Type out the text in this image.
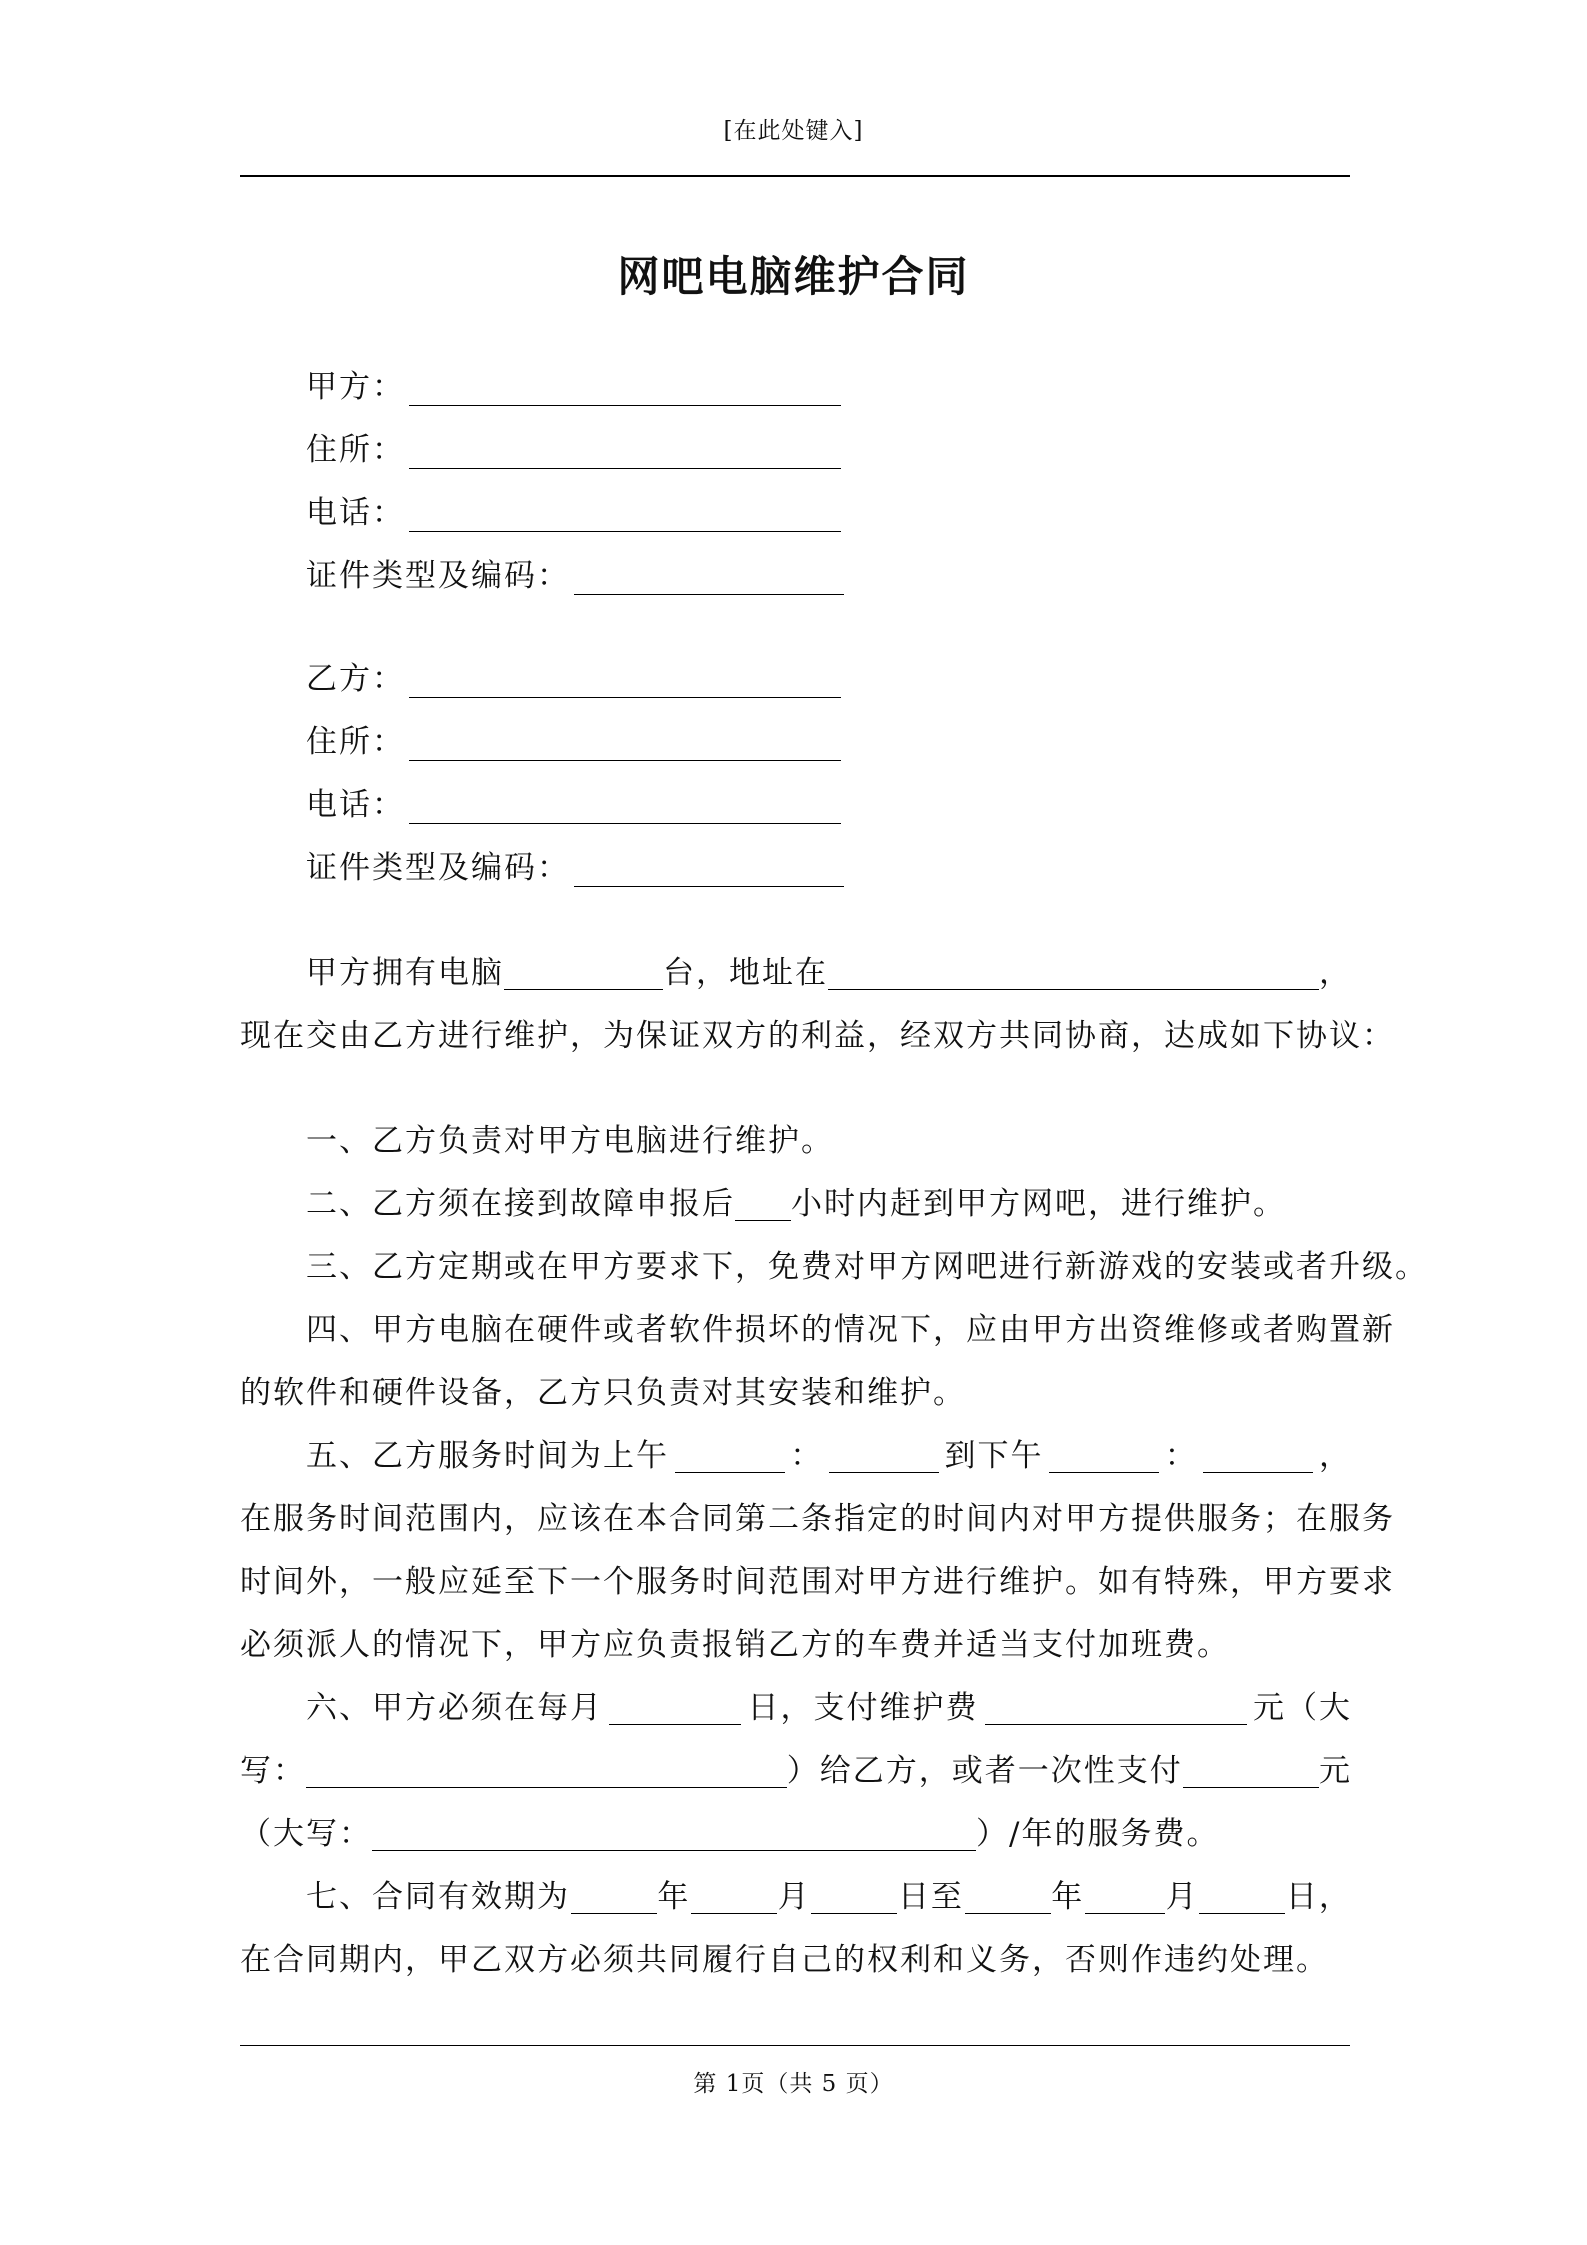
[在此处键入]
网吧电脑维护合同
甲方：
住所：
电话：
证件类型及编码：
乙方：
住所：
电话：
证件类型及编码：
甲方拥有电脑	台，地址在	，
现在交由乙方进行维护，为保证双方的利益，经双方共同协商，达成如下协议：
一、乙方负责对甲方电脑进行维护。
二、乙方须在接到故障申报后 小时内赶到甲方网吧，进行维护。
三、乙方定期或在甲方要求下，免费对甲方网吧进行新游戏的安装或者升级。
四、甲方电脑在硬件或者软件损坏的情况下，应由甲方出资维修或者购置新
的软件和硬件设备，乙方只负责对其安装和维护。
五、乙方服务时间为上午	：	到下午	：	，
在服务时间范围内，应该在本合同第二条指定的时间内对甲方提供服务；在服务
时间外，一般应延至下一个服务时间范围对甲方进行维护。如有特殊，甲方要求
必须派人的情况下，甲方应负责报销乙方的车费并适当支付加班费。
六、甲方必须在每月	日，支付维护费	元（大
写：	）给乙方，或者一次性支付	元
（大写：	）/年的服务费。
七、合同有效期为	年	月	日至	年	月	日，
在合同期内，甲乙双方必须共同履行自己的权利和义务，否则作违约处理。
第 1页（共 5 页）
